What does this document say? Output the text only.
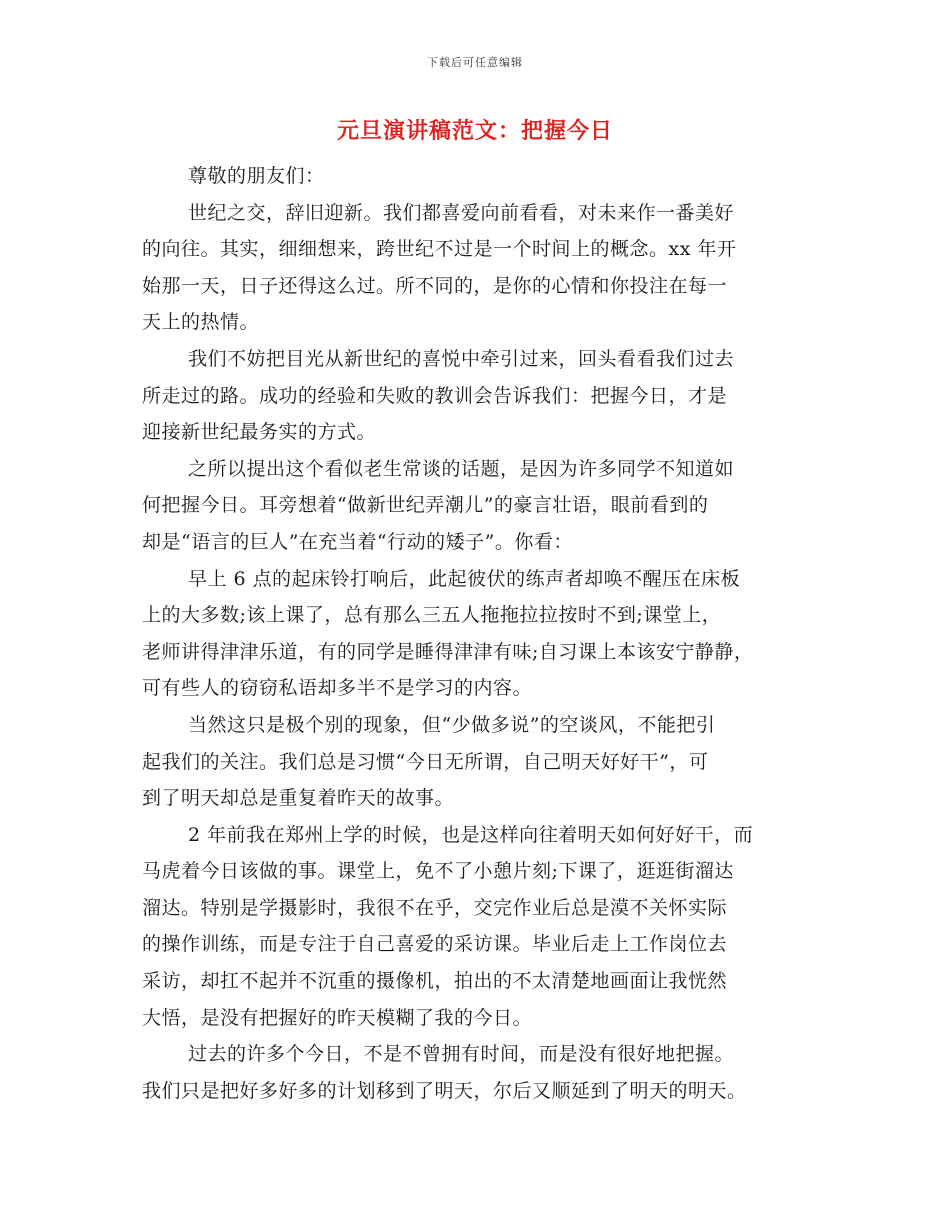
下载后可任意编辑
元旦演讲稿范文：把握今日
尊敬的朋友们：
世纪之交，辞旧迎新。我们都喜爱向前看看，对未来作一番美好
的向往。其实，细细想来，跨世纪不过是一个时间上的概念。xx 年开
始那一天，日子还得这么过。所不同的，是你的心情和你投注在每一
天上的热情。
我们不妨把目光从新世纪的喜悦中牵引过来，回头看看我们过去
所走过的路。成功的经验和失败的教训会告诉我们：把握今日，才是
迎接新世纪最务实的方式。
之所以提出这个看似老生常谈的话题，是因为许多同学不知道如
何把握今日。耳旁想着“做新世纪弄潮儿”的豪言壮语，眼前看到的
却是“语言的巨人”在充当着“行动的矮子”。你看：
早上 6 点的起床铃打响后，此起彼伏的练声者却唤不醒压在床板
上的大多数;该上课了，总有那么三五人拖拖拉拉按时不到;课堂上，
老师讲得津津乐道，有的同学是睡得津津有味;自习课上本该安宁静静，
可有些人的窃窃私语却多半不是学习的内容。
当然这只是极个别的现象，但“少做多说”的空谈风，不能把引
起我们的关注。我们总是习惯“今日无所谓，自己明天好好干”，可
到了明天却总是重复着昨天的故事。
2 年前我在郑州上学的时候，也是这样向往着明天如何好好干，而
马虎着今日该做的事。课堂上，免不了小憩片刻;下课了，逛逛街溜达
溜达。特别是学摄影时，我很不在乎，交完作业后总是漠不关怀实际
的操作训练，而是专注于自己喜爱的采访课。毕业后走上工作岗位去
采访，却扛不起并不沉重的摄像机，拍出的不太清楚地画面让我恍然
大悟，是没有把握好的昨天模糊了我的今日。
过去的许多个今日，不是不曾拥有时间，而是没有很好地把握。
我们只是把好多好多的计划移到了明天，尔后又顺延到了明天的明天。
